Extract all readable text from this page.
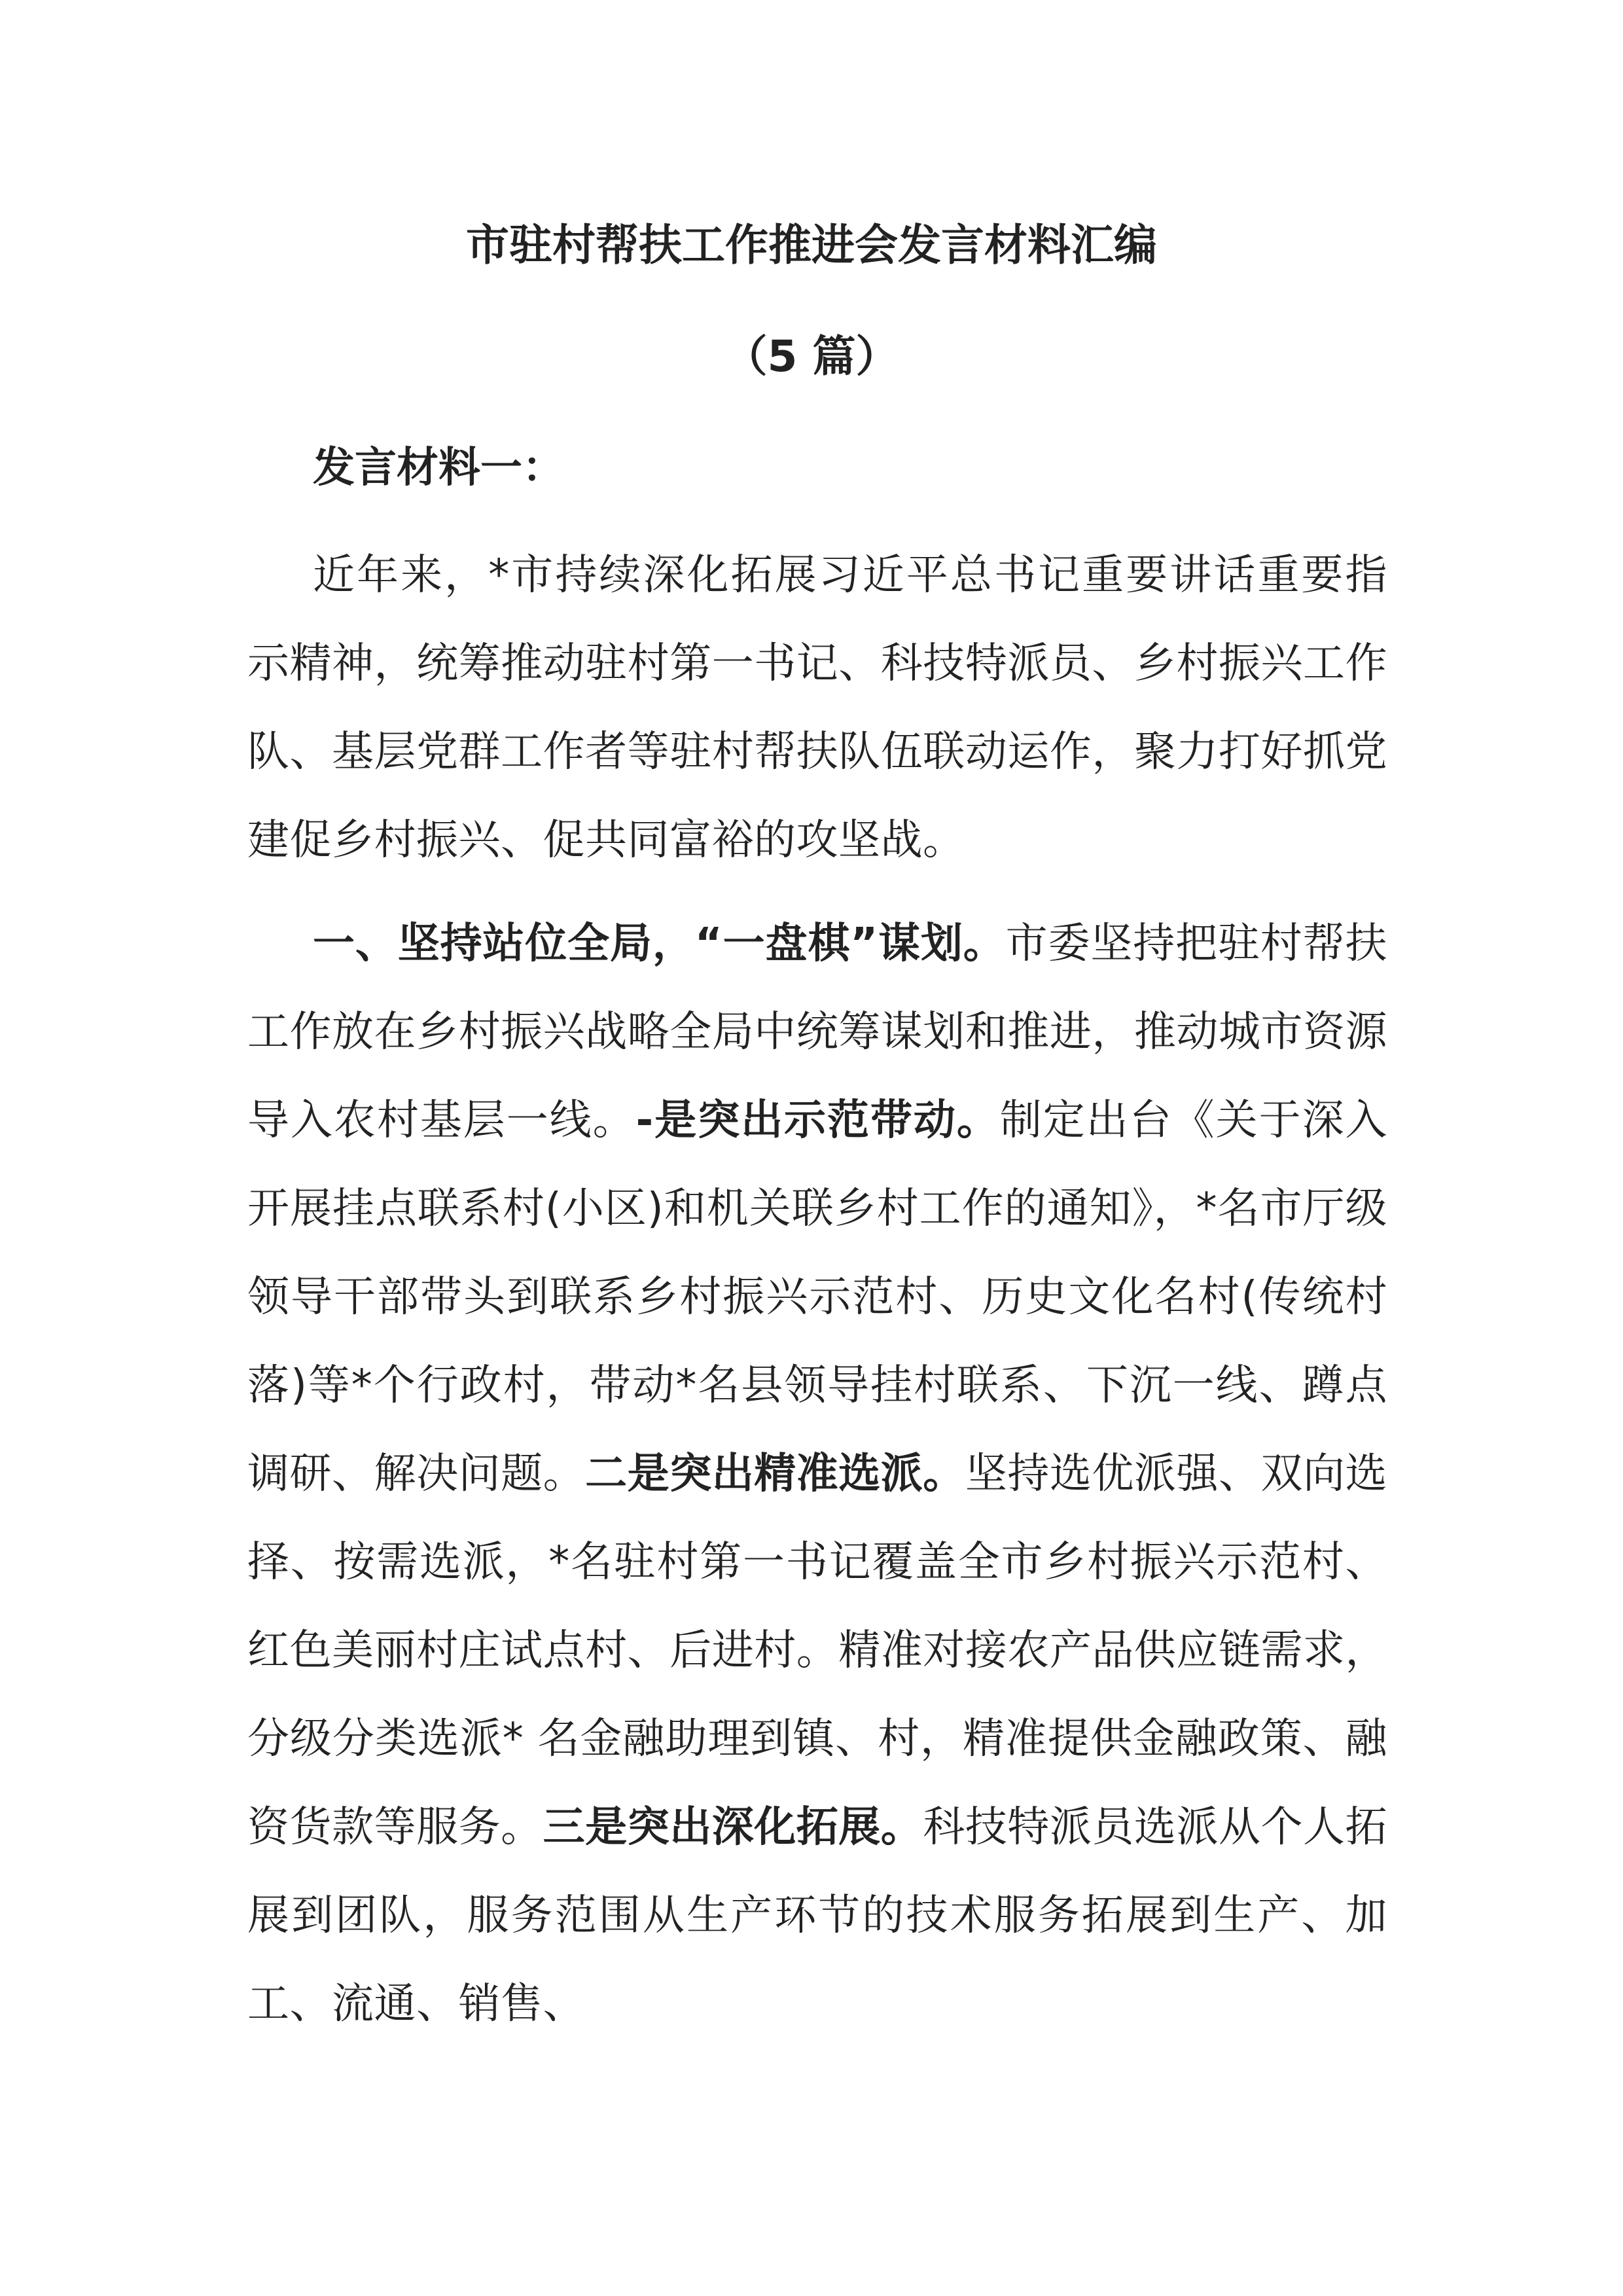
市驻村帮扶工作推进会发言材料汇编
（5 篇）
发言材料一：

近年来，*市持续深化拓展习近平总书记重要讲话重要指示精神，统筹推动驻村第一书记、科技特派员、乡村振兴工作队、基层党群工作者等驻村帮扶队伍联动运作，聚力打好抓党建促乡村振兴、促共同富裕的攻坚战。

一、坚持站位全局，“一盘棋”谋划。市委坚持把驻村帮扶工作放在乡村振兴战略全局中统筹谋划和推进，推动城市资源导入农村基层一线。-是突出示范带动。制定出台《关于深入开展挂点联系村(小区)和机关联乡村工作的通知》，*名市厅级领导干部带头到联系乡村振兴示范村、历史文化名村(传统村落)等*个行政村，带动*名县领导挂村联系、下沉一线、蹲点调研、解决问题。二是突出精准选派。坚持选优派强、双向选择、按需选派，*名驻村第一书记覆盖全市乡村振兴示范村、红色美丽村庄试点村、后进村。精准对接农产品供应链需求，分级分类选派* 名金融助理到镇、村，精准提供金融政策、融资货款等服务。三是突出深化拓展。科技特派员选派从个人拓展到团队，服务范围从生产环节的技术服务拓展到生产、加工、流通、销售、
